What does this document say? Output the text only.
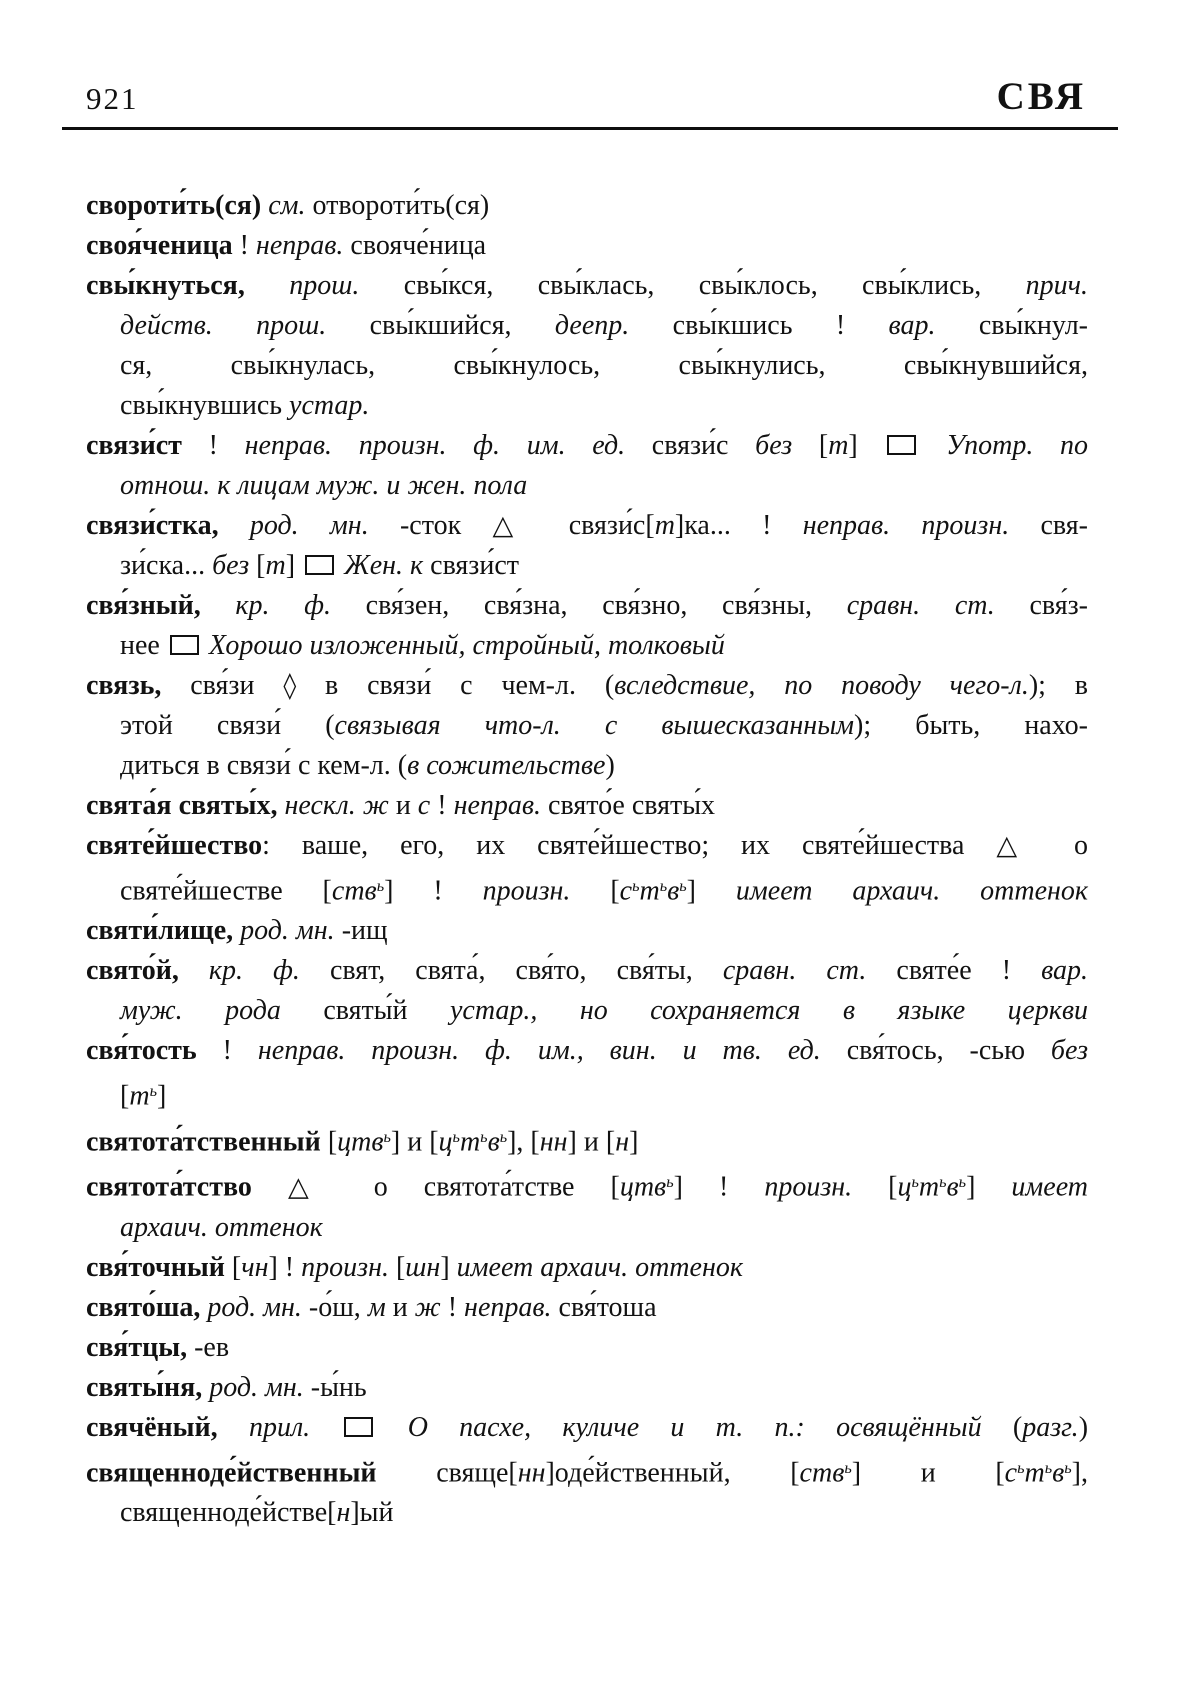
921	СВЯ
свороти́ть(ся) см. отвороти́ть(ся)
своя́ченица ! неправ. свояче́ница
свы́кнуться, прош. свы́кся, свы́клась, свы́клось, свы́клись, прич.
действ. прош. свы́кшийся, деепр. свы́кшись ! вар. свы́кнул-
ся, свы́кнулась, свы́кнулось, свы́кнулись, свы́кнувшийся,
свы́кнувшись устар.
связи́ст ! неправ. произн. ф. им. ед. связи́с без [т]  Употр. по
отнош. к лицам муж. и жен. пола
связи́стка, род. мн. -сток △ связи́с[т]ка... ! неправ. произн. свя-
зи́ска... без [т]  Жен. к связи́ст
свя́зный, кр. ф. свя́зен, свя́зна, свя́зно, свя́зны, сравн. ст. свя́з-
нее  Хорошо изложенный, стройный, толковый
связь, свя́зи ◊ в связи́ с чем-л. (вследствие, по поводу чего-л.); в
этой связи́ (связывая что-л. с вышесказанным); быть, нахо-
диться в связи́ с кем-л. (в сожительстве)
свята́я святы́х, нескл. ж и с ! неправ. свято́е святы́х
святе́йшество: ваше, его, их святе́йшество; их святе́йшества △ о
святе́йшестве [ств$^ь$] ! произн. $[с^ьт^ьв^ь]$ имеет архаич. оттенок
святи́лище, род. мн. -ищ
свято́й, кр. ф. свят, свята́, свя́то, свя́ты, сравн. ст. святе́е ! вар.
муж. рода святы́й устар., но сохраняется в языке церкви
свя́тость ! неправ. произн. ф. им., вин. и тв. ед. свя́тось, -сью без
$[т^ь]$
святота́тственный [цтв$^ь$] и $[ц^ьт^ьв^ь]$, [нн] и [н]
святота́тство △ о святота́тстве [цтв$^ь$] ! произн. $[ц^ьт^ьв^ь]$ имеет
архаич. оттенок
свя́точный [чн] ! произн. [шн] имеет архаич. оттенок
свято́ша, род. мн. -о́ш, м и ж ! неправ. свя́тоша
свя́тцы, -ев
святы́ня, род. мн. -ы́нь
свячёный, прил.	О пасхе, куличе и т. п.: освящённый (разг.)
священноде́йственный свяще[нн]оде́йственный, [ств$^ь$] и $[с^ьт^ьв^ь]$,
священноде́йстве[н]ый
